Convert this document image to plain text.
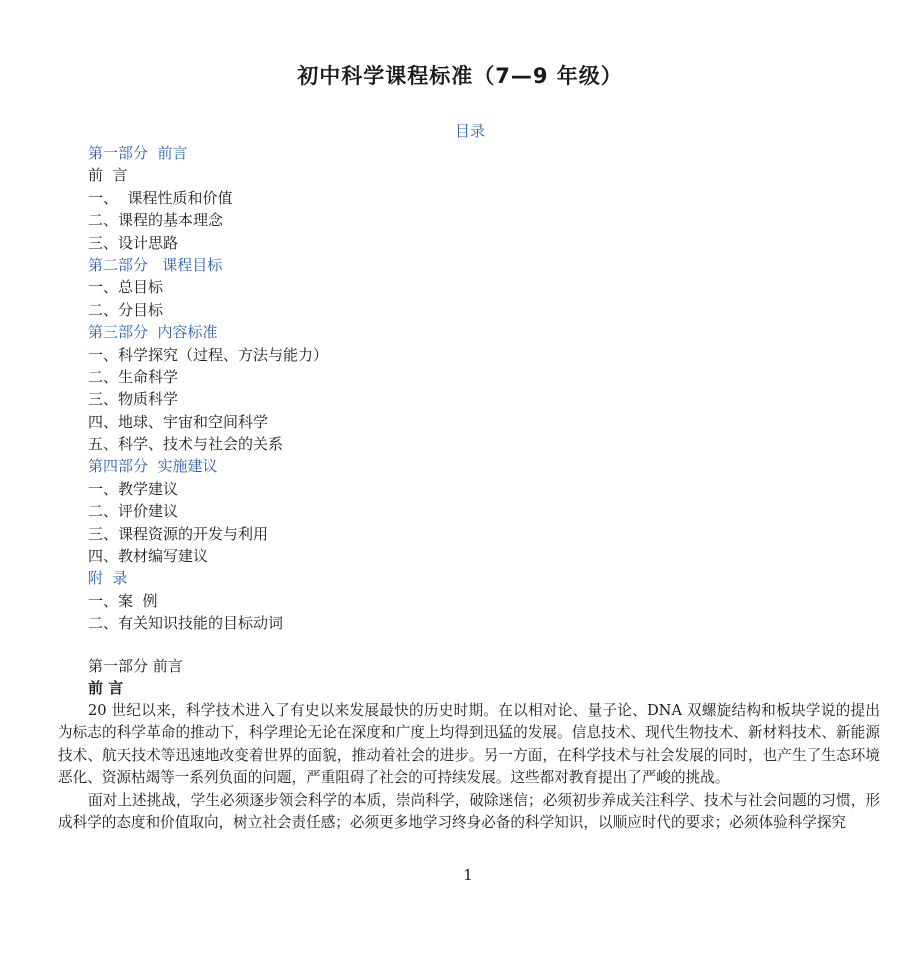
初中科学课程标准（7—9 年级）
目录
第一部分  前言
前  言
一、  课程性质和价值
二、课程的基本理念
三、设计思路
第二部分   课程目标
一、总目标
二、分目标
第三部分  内容标准
一、科学探究（过程、方法与能力）
二、生命科学
三、物质科学
四、地球、宇宙和空间科学
五、科学、技术与社会的关系
第四部分  实施建议
一、教学建议
二、评价建议
三、课程资源的开发与利用
四、教材编写建议
附  录
一、案  例
二、有关知识技能的目标动词
第一部分 前言
前 言

20 世纪以来，科学技术进入了有史以来发展最快的历史时期。在以相对论、量子论、DNA 双螺旋结构和板块学说的提出为标志的科学革命的推动下，科学理论无论在深度和广度上均得到迅猛的发展。信息技术、现代生物技术、新材料技术、新能源技术、航天技术等迅速地改变着世界的面貌，推动着社会的进步。另一方面，在科学技术与社会发展的同时，也产生了生态环境恶化、资源枯竭等一系列负面的问题，严重阻碍了社会的可持续发展。这些都对教育提出了严峻的挑战。

面对上述挑战，学生必须逐步领会科学的本质，崇尚科学，破除迷信；必须初步养成关注科学、技术与社会问题的习惯，形成科学的态度和价值取向，树立社会责任感；必须更多地学习终身必备的科学知识，以顺应时代的要求；必须体验科学探究

1
